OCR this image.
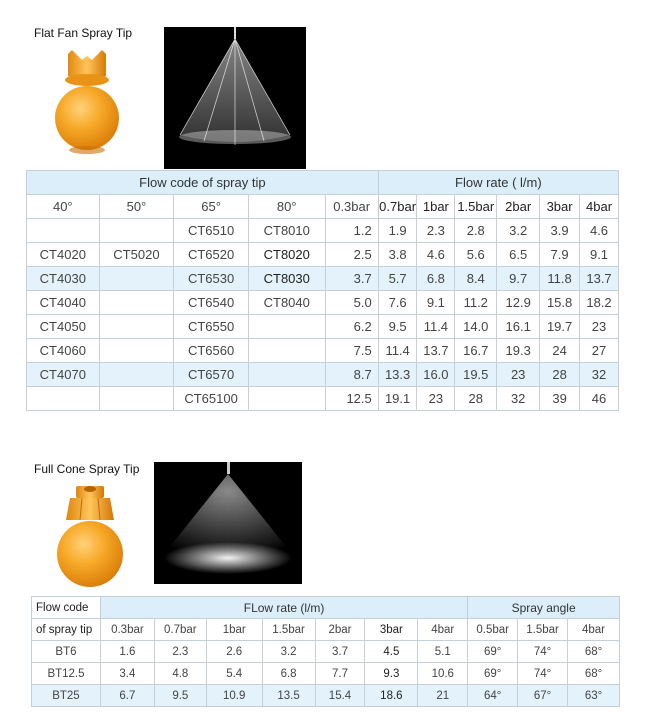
Flat Fan Spray Tip
Flow code of spray tip					Flow rate ( l/m)					
40°	50°	65°	80°	0.3bar	0.7bar	1bar	1.5bar	2bar	3bar	4bar
		CT6510	CT8010	1.2	1.9	2.3	2.8	3.2	3.9	4.6
CT4020	CT5020	CT6520	CT8020	2.5	3.8	4.6	5.6	6.5	7.9	9.1
CT4030		CT6530	CT8030	3.7	5.7	6.8	8.4	9.7	11.8	13.7
CT4040		CT6540	CT8040	5.0	7.6	9.1	11.2	12.9	15.8	18.2
CT4050		CT6550		6.2	9.5	11.4	14.0	16.1	19.7	23
CT4060		CT6560		7.5	11.4	13.7	16.7	19.3	24	27
CT4070		CT6570		8.7	13.3	16.0	19.5	23	28	32
		CT65100		12.5	19.1	23	28	32	39	46
Full Cone Spray Tip
Flow code	FLow rate (l/m)							Spray angle		
of spray tip	0.3bar	0.7bar	1bar	1.5bar	2bar	3bar	4bar	0.5bar	1.5bar	4bar
BT6	1.6	2.3	2.6	3.2	3.7	4.5	5.1	69°	74°	68°
BT12.5	3.4	4.8	5.4	6.8	7.7	9.3	10.6	69°	74°	68°
BT25	6.7	9.5	10.9	13.5	15.4	18.6	21	64°	67°	63°
